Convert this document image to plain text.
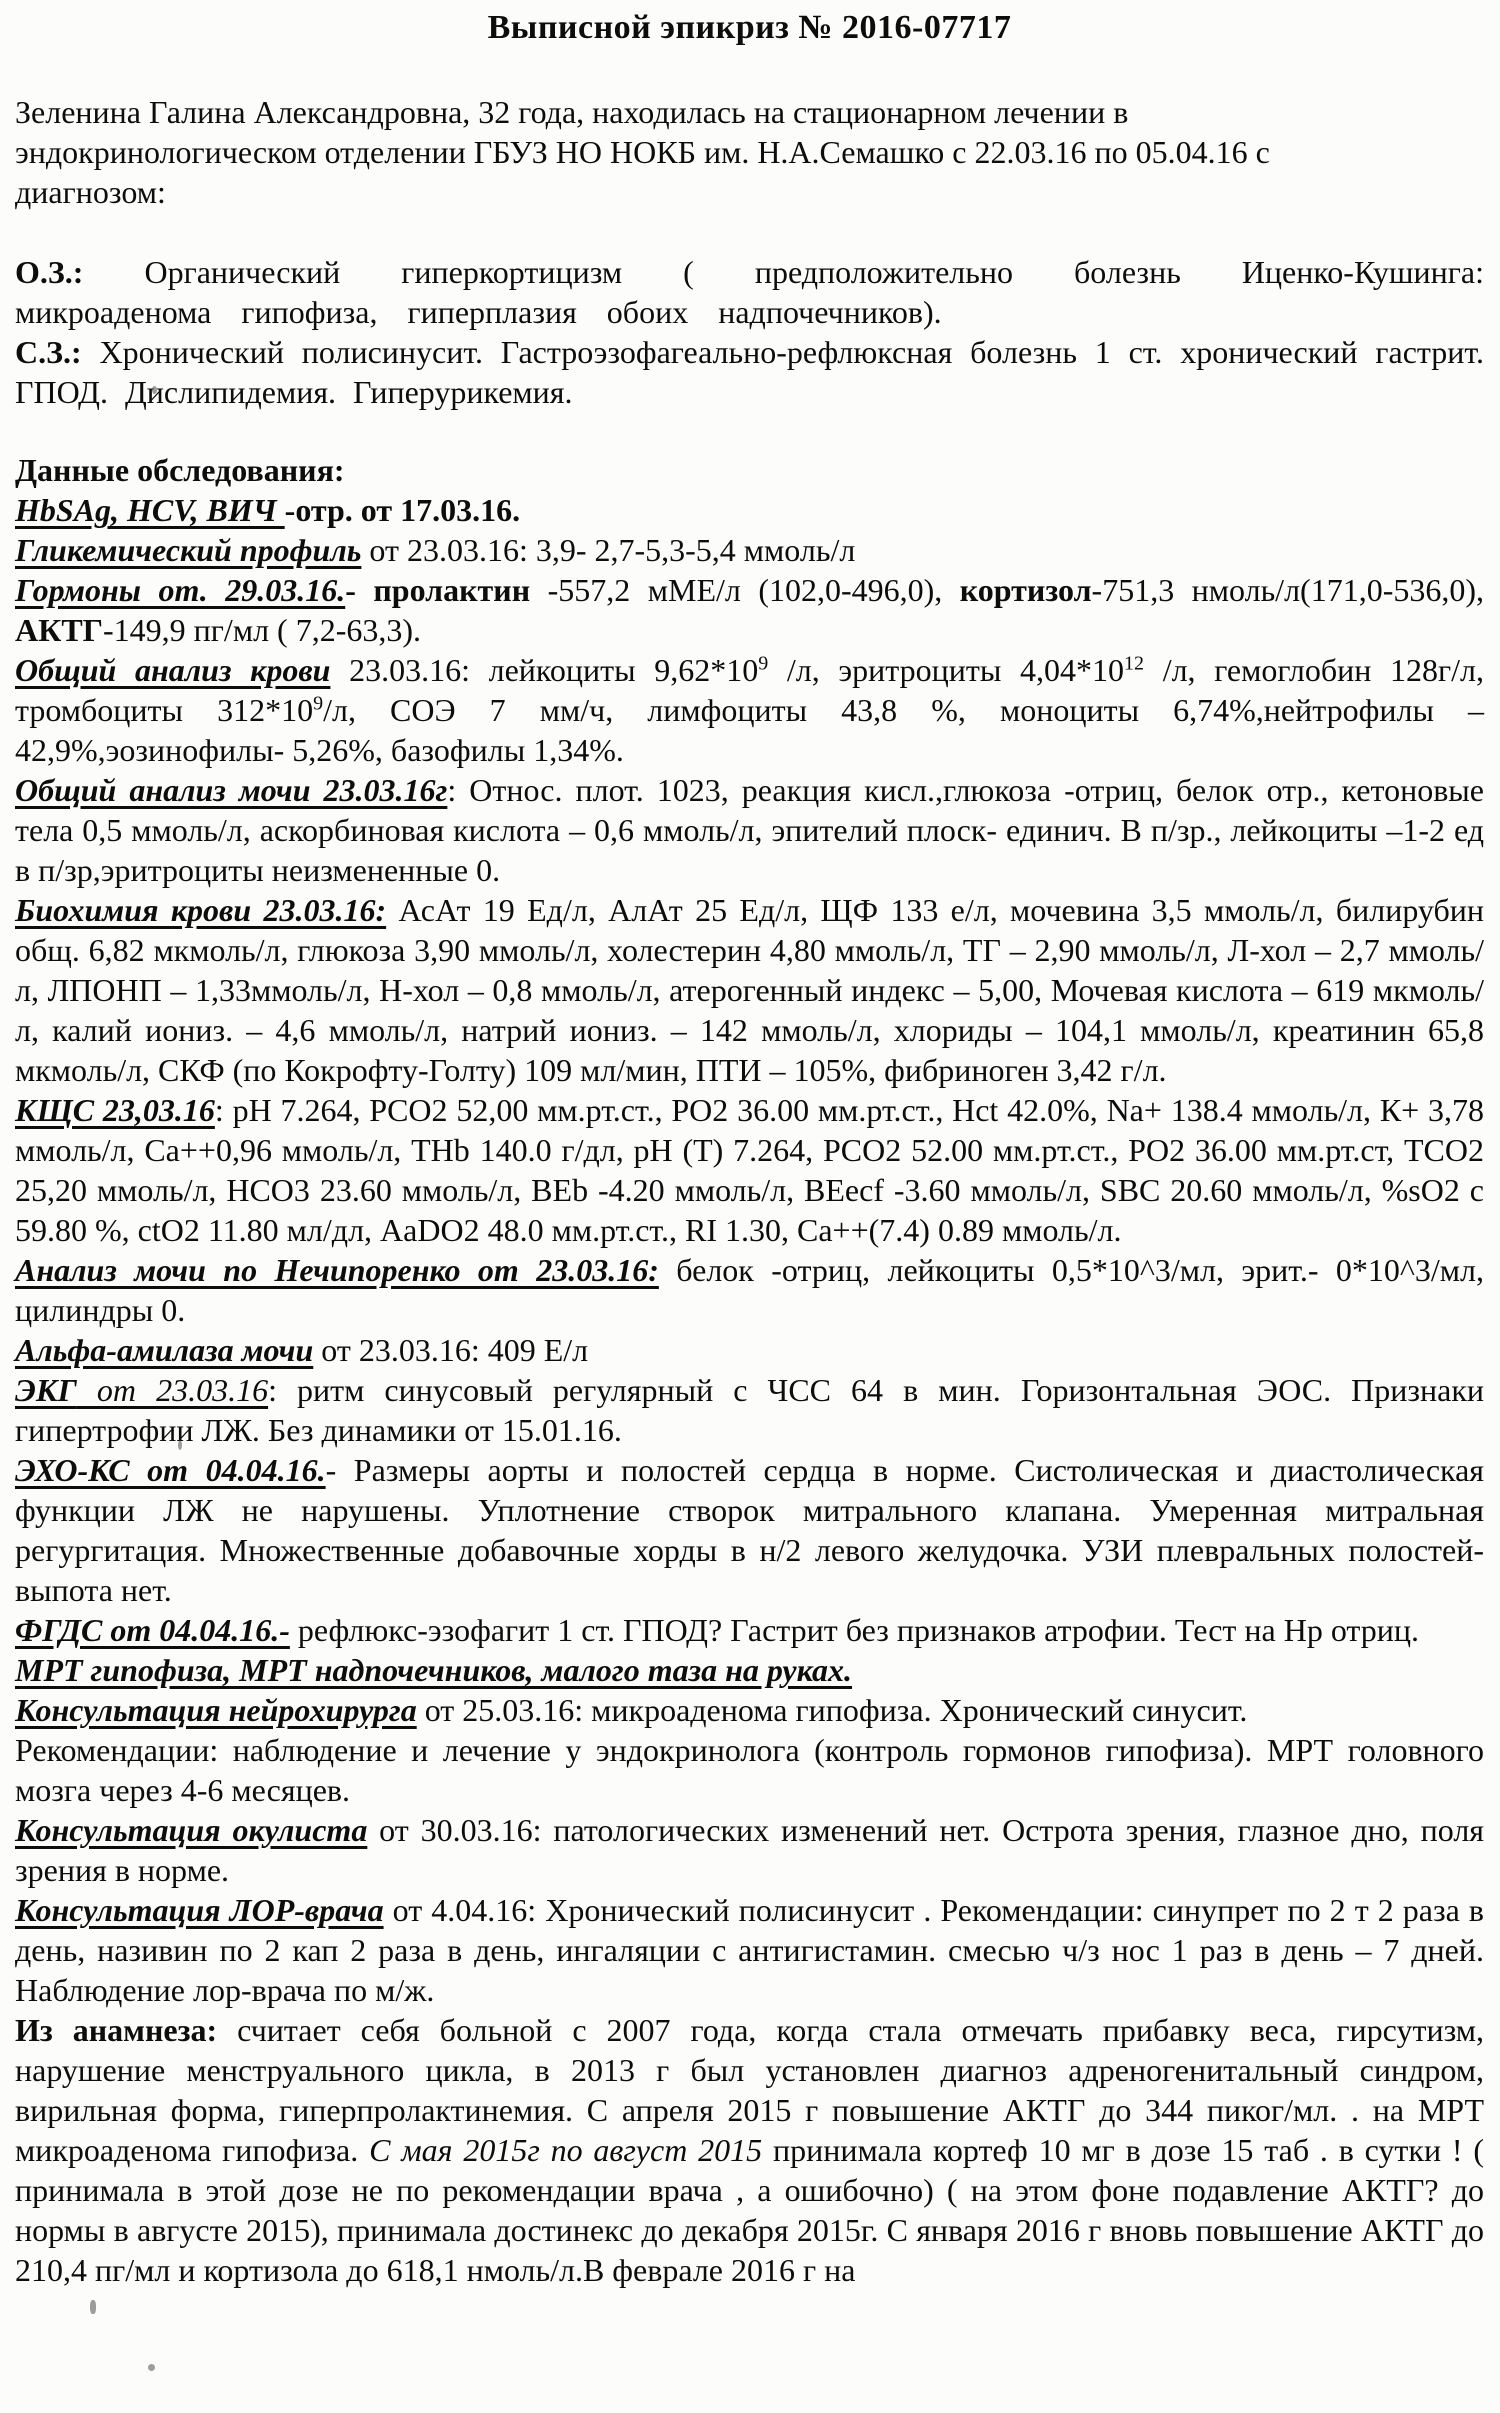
Выписной эпикриз № 2016-07717

Зеленина Галина Александровна, 32 года, находилась на стационарном лечении в эндокринологическом отделении ГБУЗ НО НОКБ им. Н.А.Семашко с 22.03.16 по 05.04.16 с диагнозом:

О.З.: Органический гиперкортицизм ( предположительно болезнь Иценко-Кушинга: микроаденома гипофиза, гиперплазия обоих надпочечников).

С.З.: Хронический полисинусит. Гастроэзофагеально-рефлюксная болезнь 1 ст. хронический гастрит. ГПОД. Дислипидемия. Гиперурикемия.

Данные обследования:

HbSAg, HCV, ВИЧ -отр. от 17.03.16.

Гликемический профиль от 23.03.16: 3,9- 2,7-5,3-5,4 ммоль/л

Гормоны от. 29.03.16.- пролактин -557,2 мМЕ/л (102,0-496,0), кортизол-751,3 нмоль/л(171,0-536,0), АКТГ-149,9 пг/мл ( 7,2-63,3).

Общий анализ крови 23.03.16: лейкоциты $9,62*10^9$ /л, эритроциты $4,04*10^{12}$ /л, гемоглобин 128г/л, тромбоциты $312*10^9/л$, СОЭ 7 мм/ч, лимфоциты 43,8 %, моноциты 6,74%,нейтрофилы – 42,9%,эозинофилы- 5,26%, базофилы 1,34%.

Общий анализ мочи 23.03.16г: Относ. плот. 1023, реакция кисл.,глюкоза -отриц, белок отр., кетоновые тела 0,5 ммоль/л, аскорбиновая кислота – 0,6 ммоль/л, эпителий плоск- единич. В п/зр., лейкоциты –1-2 ед в п/зр,эритроциты неизмененные 0.

Биохимия крови 23.03.16: АсАт 19 Ед/л, АлАт 25 Ед/л, ЩФ 133 е/л, мочевина 3,5 ммоль/л, билирубин общ. 6,82 мкмоль/л, глюкоза 3,90 ммоль/л, холестерин 4,80 ммоль/л, ТГ – 2,90 ммоль/л, Л-хол – 2,7 ммоль/л, ЛПОНП – 1,33ммоль/л, Н-хол – 0,8 ммоль/л, атерогенный индекс – 5,00, Мочевая кислота – 619 мкмоль/л, калий иониз. – 4,6 ммоль/л, натрий иониз. – 142 ммоль/л, хлориды – 104,1 ммоль/л, креатинин 65,8 мкмоль/л, СКФ (по Кокрофту-Голту) 109 мл/мин, ПТИ – 105%, фибриноген 3,42 г/л.

КЩС 23,03.16: pH 7.264, PCO2 52,00 мм.рт.ст., PO2 36.00 мм.рт.ст., Hct 42.0%, Na+ 138.4 ммоль/л, К+ 3,78 ммоль/л, Ca++0,96 ммоль/л, THb 140.0 г/дл, pH (T) 7.264, PCO2 52.00 мм.рт.ст., PO2 36.00 мм.рт.ст, TCO2 25,20 ммоль/л, HCO3 23.60 ммоль/л, BEb -4.20 ммоль/л, BEecf -3.60 ммоль/л, SBC 20.60 ммоль/л, %sO2 с 59.80 %, ctO2 11.80 мл/дл, AaDO2 48.0 мм.рт.ст., RI 1.30, Ca++(7.4) 0.89 ммоль/л.

Анализ мочи по Нечипоренко от 23.03.16: белок -отриц, лейкоциты 0,5*10^3/мл, эрит.- 0*10^3/мл, цилиндры 0.

Альфа-амилаза мочи от 23.03.16: 409 Е/л

ЭКГ от 23.03.16: ритм синусовый регулярный с ЧСС 64 в мин. Горизонтальная ЭОС. Признаки гипертрофии ЛЖ. Без динамики от 15.01.16.

ЭХО-КС от 04.04.16.- Размеры аорты и полостей сердца в норме. Систолическая и диастолическая функции ЛЖ не нарушены. Уплотнение створок митрального клапана. Умеренная митральная регургитация. Множественные добавочные хорды в н/2 левого желудочка. УЗИ плевральных полостей- выпота нет.

ФГДС от 04.04.16.- рефлюкс-эзофагит 1 ст. ГПОД? Гастрит без признаков атрофии. Тест на Нр отриц.

МРТ гипофиза, МРТ надпочечников, малого таза на руках.

Консультация нейрохирурга от 25.03.16: микроаденома гипофиза. Хронический синусит.
Рекомендации: наблюдение и лечение у эндокринолога (контроль гормонов гипофиза). МРТ головного мозга через 4-6 месяцев.

Консультация окулиста от 30.03.16: патологических изменений нет. Острота зрения, глазное дно, поля зрения в норме.

Консультация ЛОР-врача от 4.04.16: Хронический полисинусит . Рекомендации: синупрет по 2 т 2 раза в день, називин по 2 кап 2 раза в день, ингаляции с антигистамин. смесью ч/з нос 1 раз в день – 7 дней. Наблюдение лор-врача по м/ж.

Из анамнеза: считает себя больной с 2007 года, когда стала отмечать прибавку веса, гирсутизм, нарушение менструального цикла, в 2013 г был установлен диагноз адреногенитальный синдром, вирильная форма, гиперпролактинемия. С апреля 2015 г повышение АКТГ до 344 пиког/мл. . на МРТ микроаденома гипофиза. С мая 2015г по август 2015 принимала кортеф 10 мг в дозе 15 таб . в сутки ! ( принимала в этой дозе не по рекомендации врача , а ошибочно) ( на этом фоне подавление АКТГ? до нормы в августе 2015), принимала достинекс до декабря 2015г. С января 2016 г вновь повышение АКТГ до 210,4 пг/мл и кортизола до 618,1 нмоль/л.В феврале 2016 г на
